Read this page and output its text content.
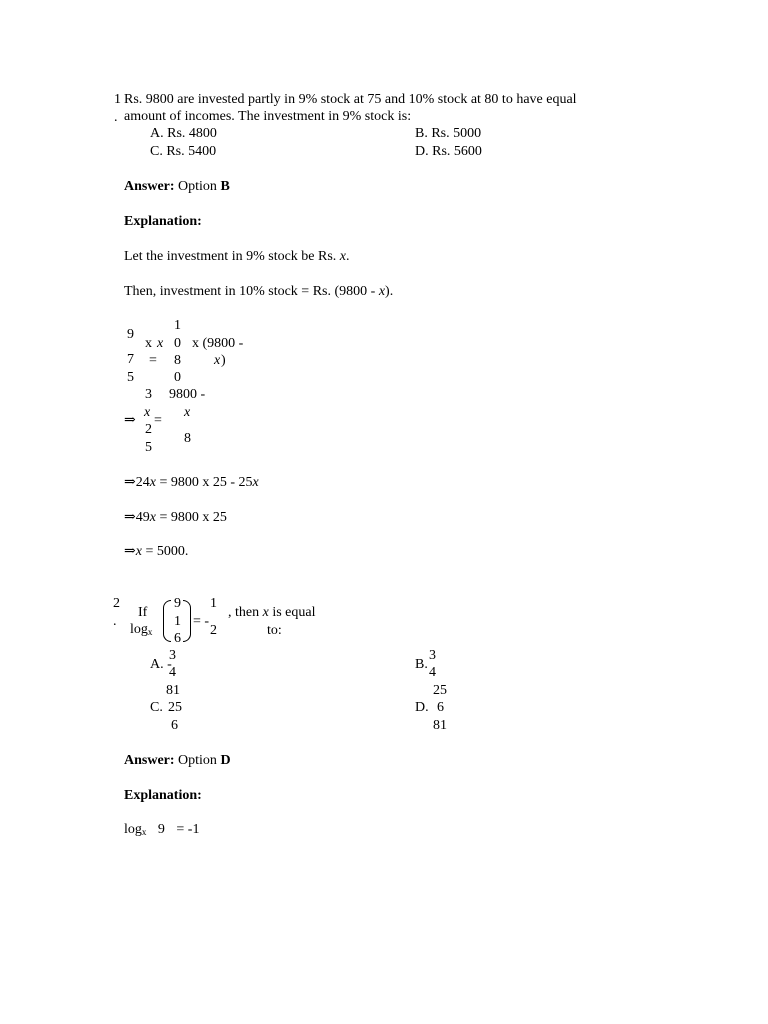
1
.
Rs. 9800 are invested partly in 9% stock at 75 and 10% stock at 80 to have equal
amount of incomes. The investment in 9% stock is:
A. Rs. 4800	B. Rs. 5000
C. Rs. 5400	D. Rs. 5600
Answer: Option B
Explanation:
Let the investment in 9% stock be Rs. x.
Then, investment in 10% stock = Rs. (9800 - x).
9
7
5
x x
=
1
0
8
0
x (9800 -
x )
3 9800 -
⇒
x
=
x
2
8
5
⇒24x = 9800 x 25 - 25x
⇒49x = 9800 x 25
⇒x = 5000.
2
.
If
$\log_x$
9
1
6
= -
1
2
, then x is equal
to:
A. -
3
4
B.
3
4
81
C. 25
6
25
D. 6
81
Answer: Option D
Explanation:
$\log_x 9 = -1$
